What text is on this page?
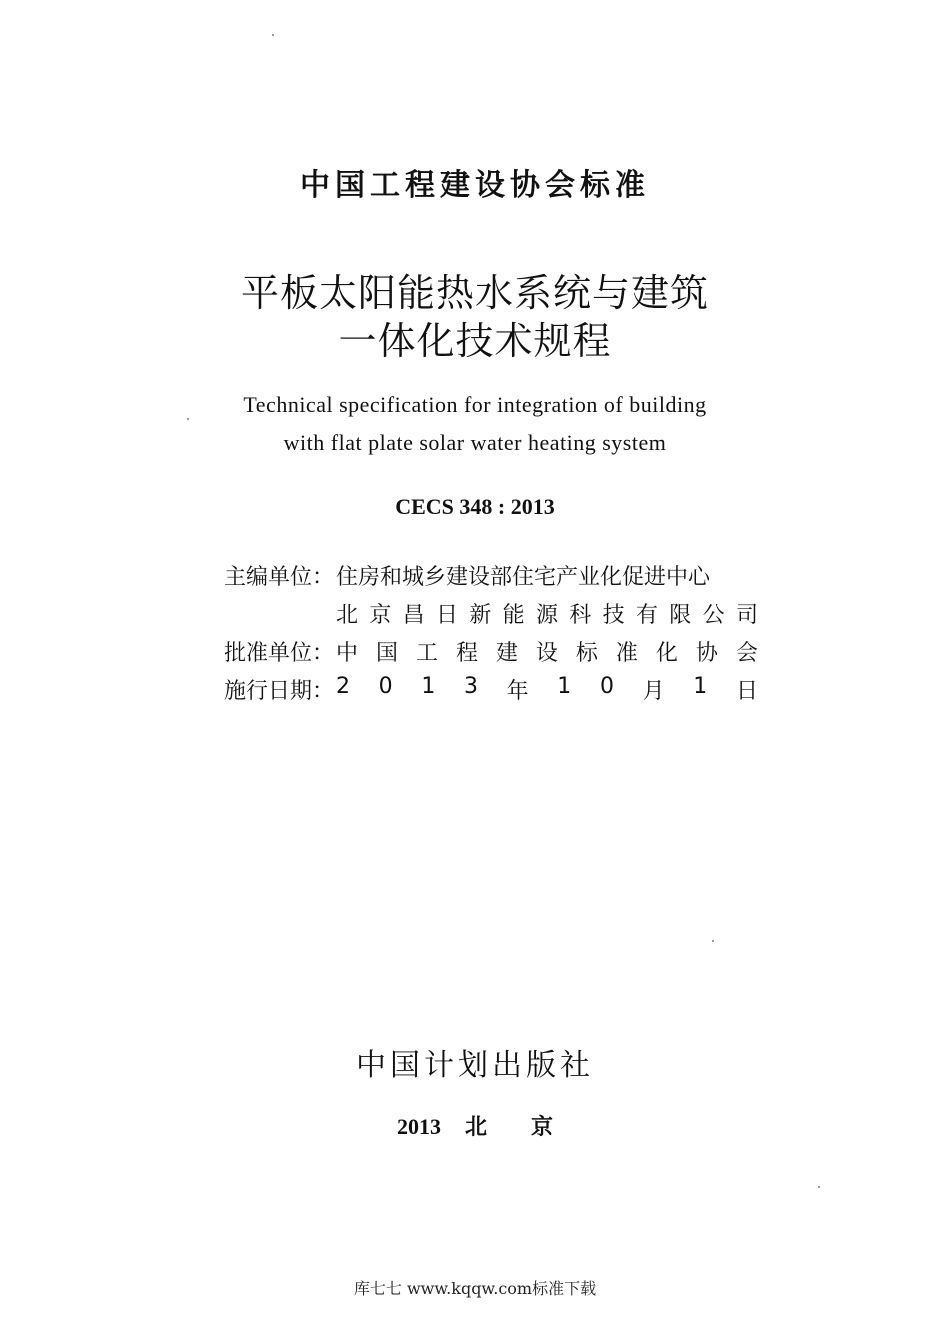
中国工程建设协会标准
平板太阳能热水系统与建筑
一体化技术规程
Technical specification for integration of building
with flat plate solar water heating system
CECS 348 : 2013
主编单位： 住房和城乡建设部住宅产业化促进中心
北 京 昌 日 新 能 源 科 技 有 限 公 司
批准单位： 中 国 工 程 建 设 标 准 化 协 会
施行日期： 2 0 1 3 年 1 0 月 1 日
中国计划出版社
2013 北 京
库七七 www.kqqw.com标准下载
